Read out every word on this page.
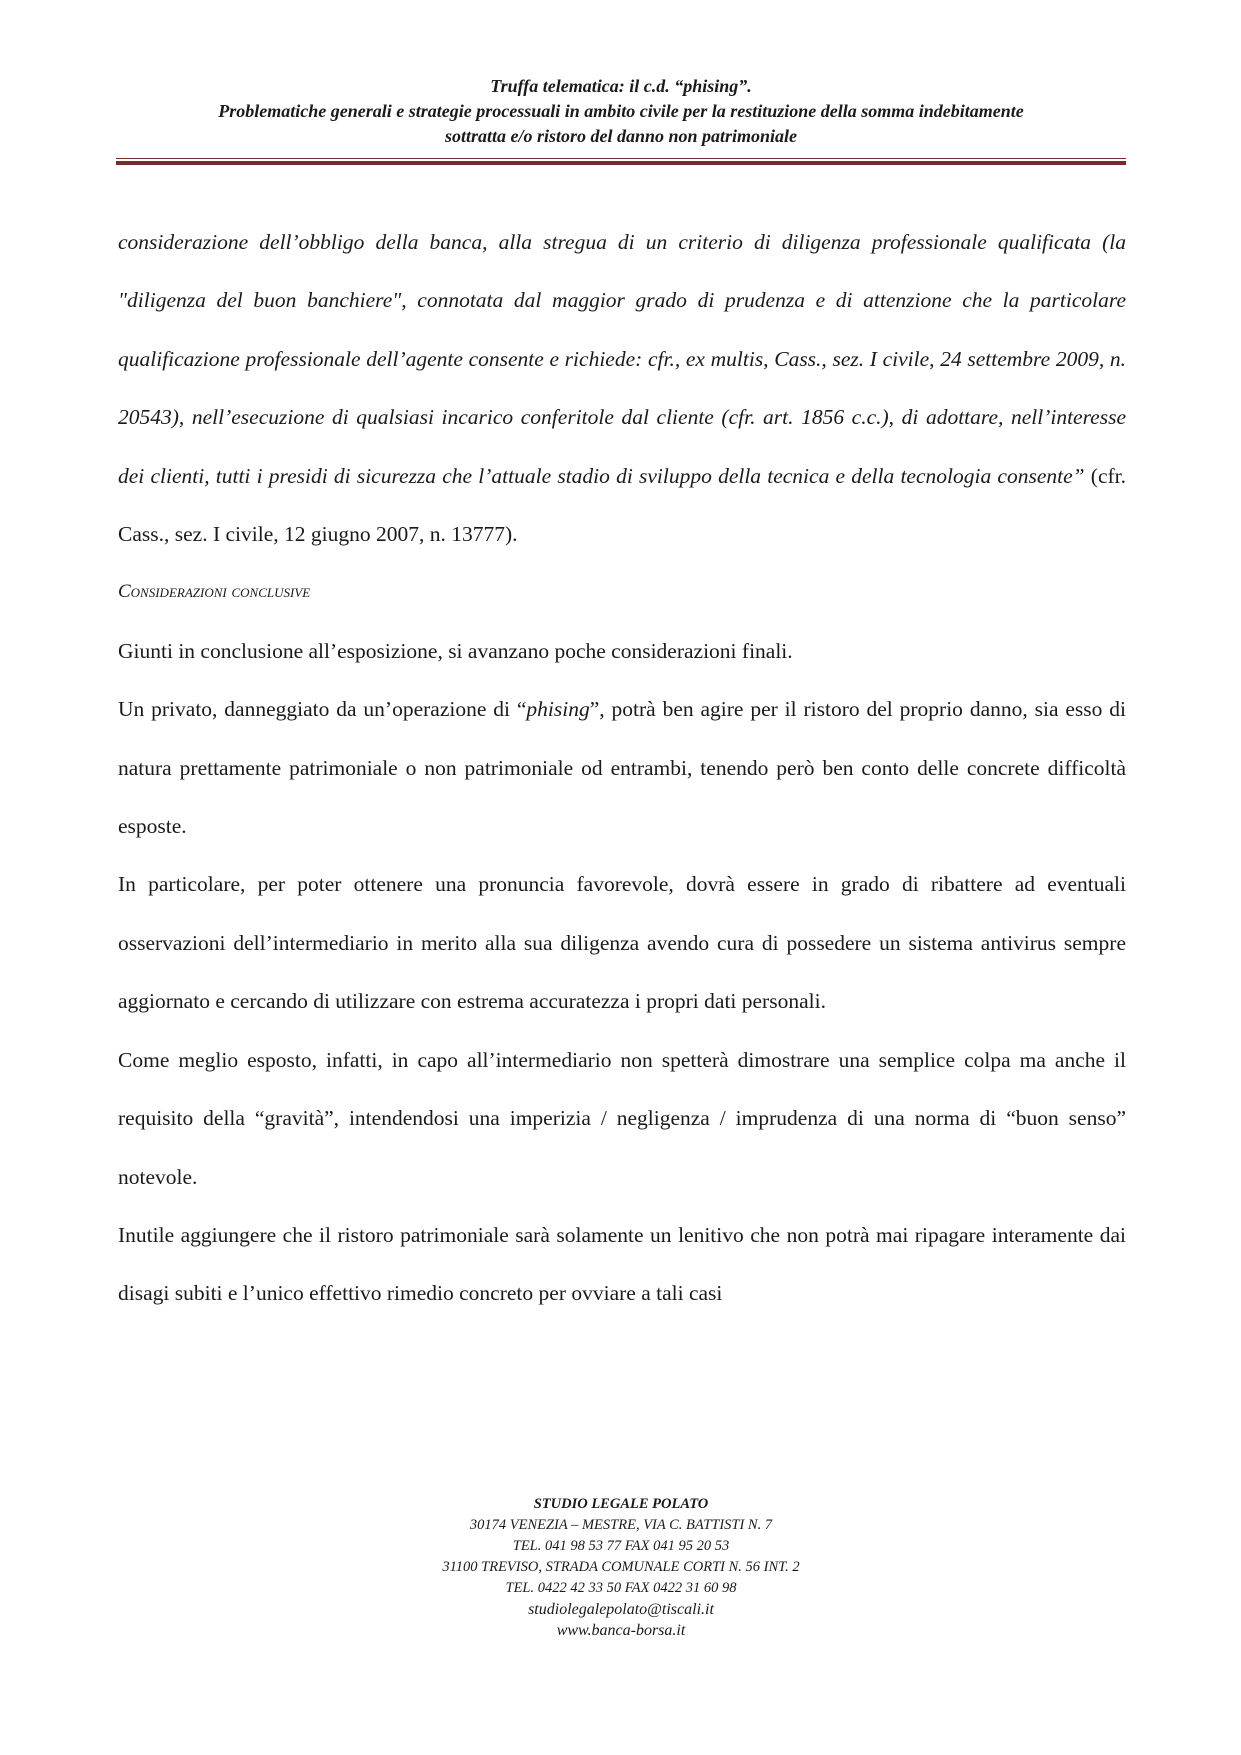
Truffa telematica: il c.d. “phising”.
Problematiche generali e strategie processuali in ambito civile per la restituzione della somma indebitamente
sottratta e/o ristoro del danno non patrimoniale

considerazione dell’obbligo della banca, alla stregua di un criterio di diligenza professionale qualificata (la "diligenza del buon banchiere", connotata dal maggior grado di prudenza e di attenzione che la particolare qualificazione professionale dell’agente consente e richiede: cfr., ex multis, Cass., sez. I civile, 24 settembre 2009, n. 20543), nell’esecuzione di qualsiasi incarico conferitole dal cliente (cfr. art. 1856 c.c.), di adottare, nell’interesse dei clienti, tutti i presidi di sicurezza che l’attuale stadio di sviluppo della tecnica e della tecnologia consente” (cfr. Cass., sez. I civile, 12 giugno 2007, n. 13777).

Considerazioni conclusive

Giunti in conclusione all’esposizione, si avanzano poche considerazioni finali.

Un privato, danneggiato da un’operazione di “phising”, potrà ben agire per il ristoro del proprio danno, sia esso di natura prettamente patrimoniale o non patrimoniale od entrambi, tenendo però ben conto delle concrete difficoltà esposte.

In particolare, per poter ottenere una pronuncia favorevole, dovrà essere in grado di ribattere ad eventuali osservazioni dell’intermediario in merito alla sua diligenza avendo cura di possedere un sistema antivirus sempre aggiornato e cercando di utilizzare con estrema accuratezza i propri dati personali.

Come meglio esposto, infatti, in capo all’intermediario non spetterà dimostrare una semplice colpa ma anche il requisito della “gravità”, intendendosi una imperizia / negligenza / imprudenza di una norma di “buon senso” notevole.

Inutile aggiungere che il ristoro patrimoniale sarà solamente un lenitivo che non potrà mai ripagare interamente dai disagi subiti e l’unico effettivo rimedio concreto per ovviare a tali casi

STUDIO LEGALE POLATO
30174 VENEZIA – MESTRE, VIA C. BATTISTI N. 7
TEL. 041 98 53 77 FAX 041 95 20 53
31100 TREVISO, STRADA COMUNALE CORTI N. 56 INT. 2
TEL. 0422 42 33 50 FAX 0422 31 60 98
studiolegalepolato@tiscali.it
www.banca-borsa.it
